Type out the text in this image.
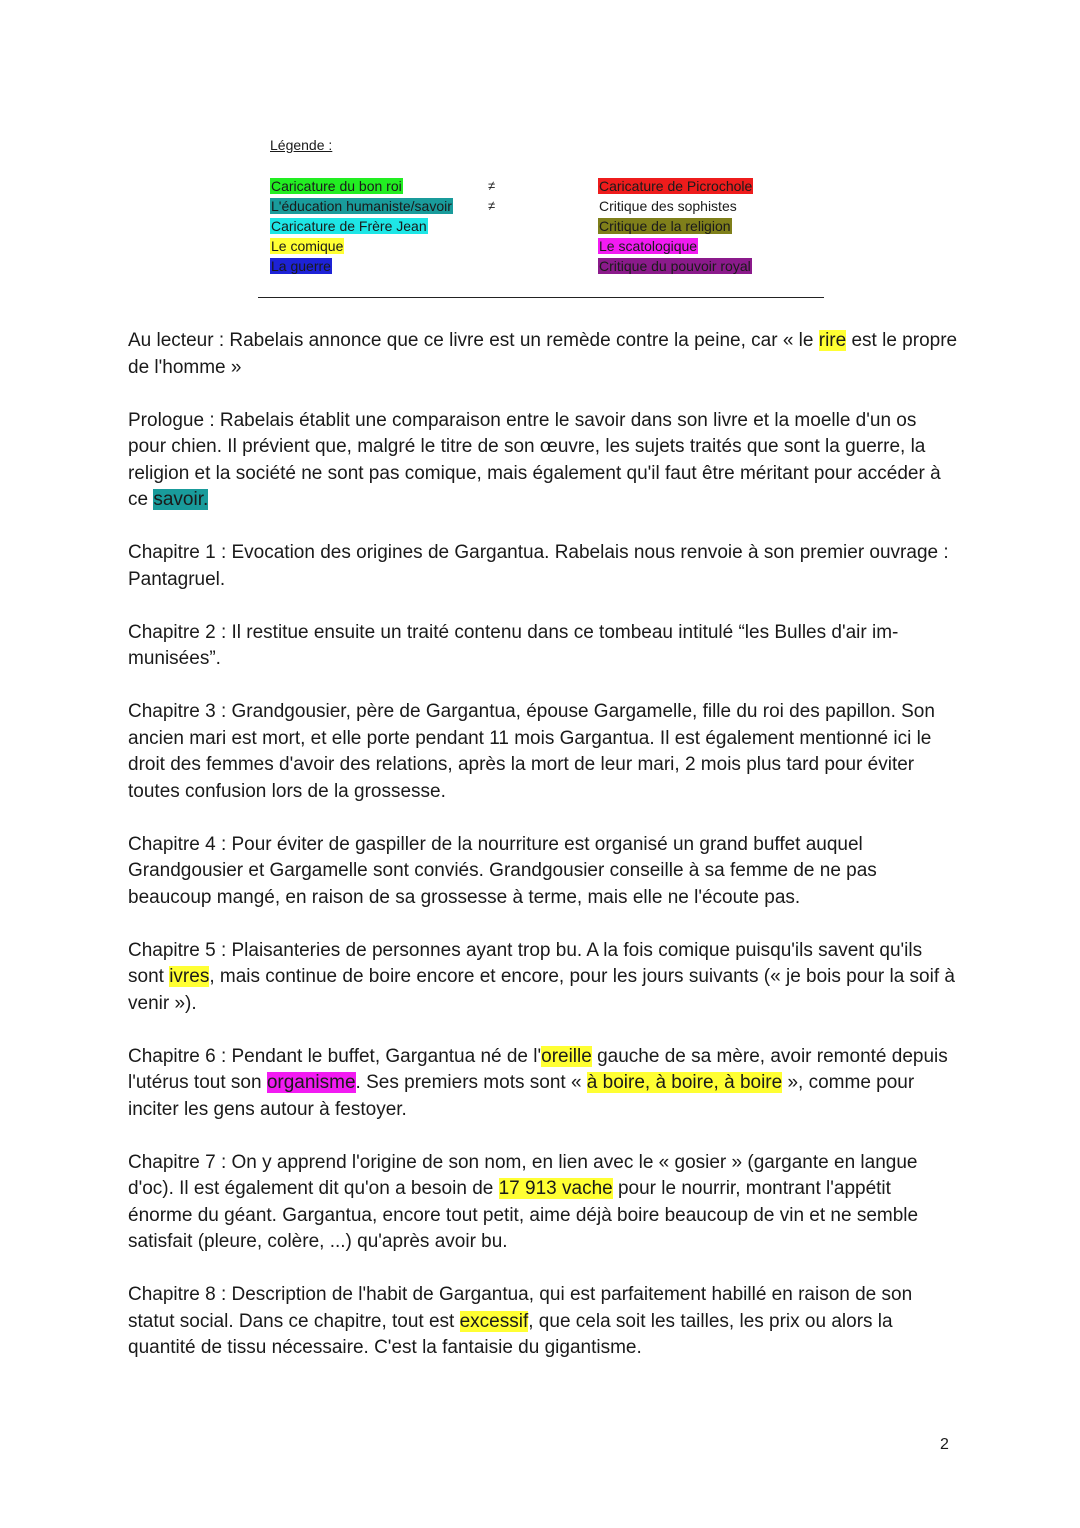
Légende :
Caricature du bon roi
L'éducation humaniste/savoir
Caricature de Frère Jean
Le comique
La guerre
Caricature de Picrochole
Critique des sophistes
Critique de la religion
Le scatologique
Critique du pouvoir royal
≠
≠

Au lecteur : Rabelais annonce que ce livre est un remède contre la peine, car « le rire est le propre de l'homme »

Prologue : Rabelais établit une comparaison entre le savoir dans son livre et la moelle d'un os pour chien. Il prévient que, malgré le titre de son œuvre, les sujets traités que sont la guerre, la religion et la société ne sont pas comique, mais également qu'il faut être méritant pour accéder à ce savoir.

Chapitre 1 : Evocation des origines de Gargantua. Rabelais nous renvoie à son premier ouvrage : Pantagruel.

Chapitre 2 : Il restitue ensuite un traité contenu dans ce tombeau intitulé “les Bulles d'air immunisées”.

Chapitre 3 : Grandgousier, père de Gargantua, épouse Gargamelle, fille du roi des papillon. Son ancien mari est mort, et elle porte pendant 11 mois Gargantua. Il est également mentionné ici le droit des femmes d'avoir des relations, après la mort de leur mari, 2 mois plus tard pour éviter toutes confusion lors de la grossesse.

Chapitre 4 : Pour éviter de gaspiller de la nourriture est organisé un grand buffet auquel Grandgousier et Gargamelle sont conviés. Grandgousier conseille à sa femme de ne pas beaucoup mangé, en raison de sa grossesse à terme, mais elle ne l'écoute pas.

Chapitre 5 : Plaisanteries de personnes ayant trop bu. A la fois comique puisqu'ils savent qu'ils sont ivres, mais continue de boire encore et encore, pour les jours suivants (« je bois pour la soif à venir »).

Chapitre 6 : Pendant le buffet, Gargantua né de l'oreille gauche de sa mère, avoir remonté depuis l'utérus tout son organisme. Ses premiers mots sont « à boire, à boire, à boire », comme pour inciter les gens autour à festoyer.

Chapitre 7 : On y apprend l'origine de son nom, en lien avec le « gosier » (gargante en langue d'oc). Il est également dit qu'on a besoin de 17 913 vache pour le nourrir, montrant l'appétit énorme du géant. Gargantua, encore tout petit, aime déjà boire beaucoup de vin et ne semble satisfait (pleure, colère, ...) qu'après avoir bu.

Chapitre 8 : Description de l'habit de Gargantua, qui est parfaitement habillé en raison de son statut social. Dans ce chapitre, tout est excessif, que cela soit les tailles, les prix ou alors la quantité de tissu nécessaire. C'est la fantaisie du gigantisme.

2
